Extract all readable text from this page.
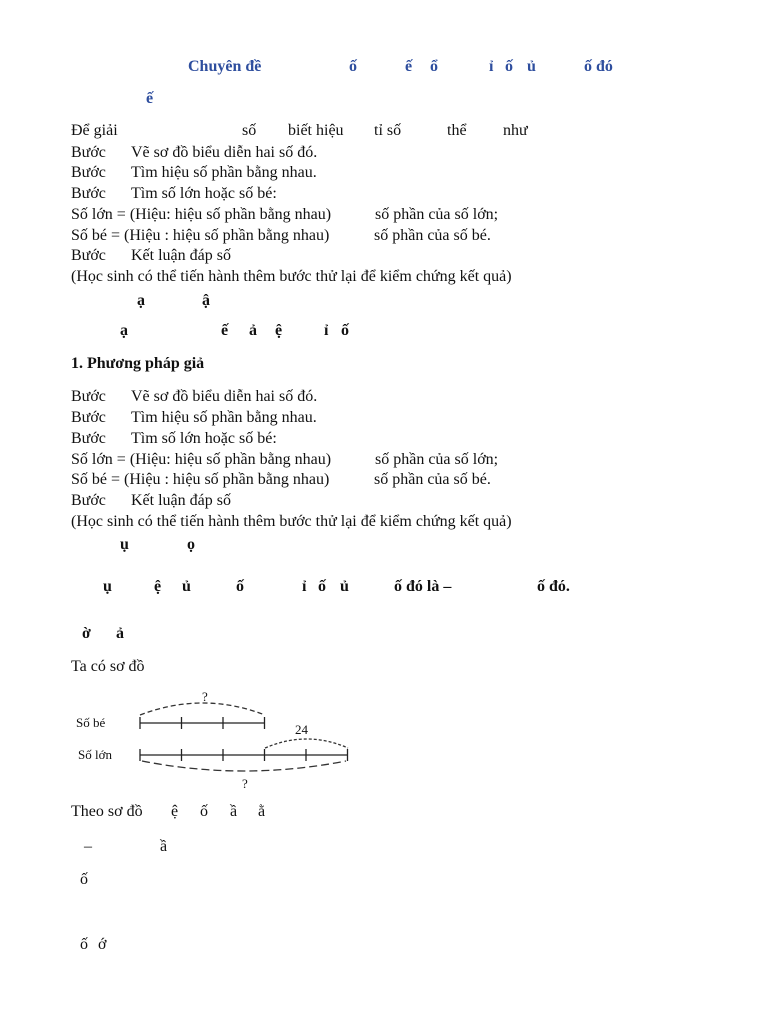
Chuyên đề	ố	ế ổ	ỉ ố ủ	ố đó
ế
Để giải	số biết hiệu tỉ số	thể như
Bước Vẽ sơ đồ biểu diễn hai số đó.
Bước Tìm hiệu số phần bằng nhau.
Bước Tìm số lớn hoặc số bé:
Số lớn = (Hiệu: hiệu số phần bằng nhau)	số phần của số lớn;
Số bé = (Hiệu : hiệu số phần bằng nhau)	số phần của số bé.
Bước Kết luận đáp số
(Học sinh có thể tiến hành thêm bước thử lại để kiểm chứng kết quả)
ạ	ậ
ạ	ế ả ệ	ỉ ố
1. Phương pháp giả
Bước Vẽ sơ đồ biểu diễn hai số đó.
Bước Tìm hiệu số phần bằng nhau.
Bước Tìm số lớn hoặc số bé:
Số lớn = (Hiệu: hiệu số phần bằng nhau)	số phần của số lớn;
Số bé = (Hiệu : hiệu số phần bằng nhau)	số phần của số bé.
Bước Kết luận đáp số
(Học sinh có thể tiến hành thêm bước thử lại để kiểm chứng kết quả)
ụ	ọ
ụ	ệ ủ	ố	ỉ ố ủ	ố đó là –	ố đó.
ờ ả
Ta có sơ đồ
Số bé
Số lớn
?
24
?
Theo sơ đồ ệ ố ầ ằ
–	ầ
ố
ố ớ
